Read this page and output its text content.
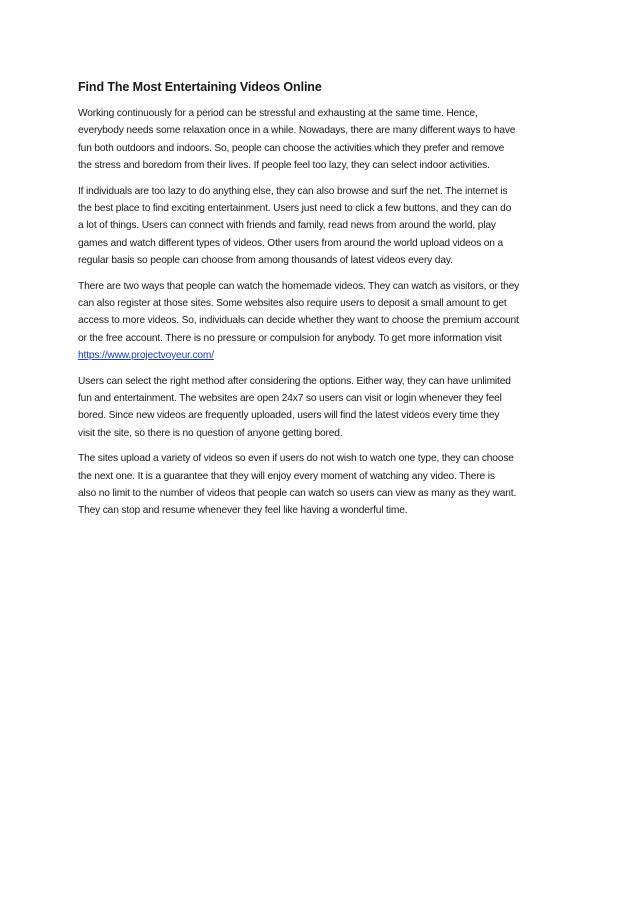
Find The Most Entertaining Videos Online

Working continuously for a period can be stressful and exhausting at the same time. Hence,
everybody needs some relaxation once in a while. Nowadays, there are many different ways to have
fun both outdoors and indoors. So, people can choose the activities which they prefer and remove
the stress and boredom from their lives. If people feel too lazy, they can select indoor activities.

If individuals are too lazy to do anything else, they can also browse and surf the net. The internet is
the best place to find exciting entertainment. Users just need to click a few buttons, and they can do
a lot of things. Users can connect with friends and family, read news from around the world, play
games and watch different types of videos. Other users from around the world upload videos on a
regular basis so people can choose from among thousands of latest videos every day.

There are two ways that people can watch the homemade videos. They can watch as visitors, or they
can also register at those sites. Some websites also require users to deposit a small amount to get
access to more videos. So, individuals can decide whether they want to choose the premium account
or the free account. There is no pressure or compulsion for anybody. To get more information visit
https://www.projectvoyeur.com/

Users can select the right method after considering the options. Either way, they can have unlimited
fun and entertainment. The websites are open 24x7 so users can visit or login whenever they feel
bored. Since new videos are frequently uploaded, users will find the latest videos every time they
visit the site, so there is no question of anyone getting bored.

The sites upload a variety of videos so even if users do not wish to watch one type, they can choose
the next one. It is a guarantee that they will enjoy every moment of watching any video. There is
also no limit to the number of videos that people can watch so users can view as many as they want.
They can stop and resume whenever they feel like having a wonderful time.
